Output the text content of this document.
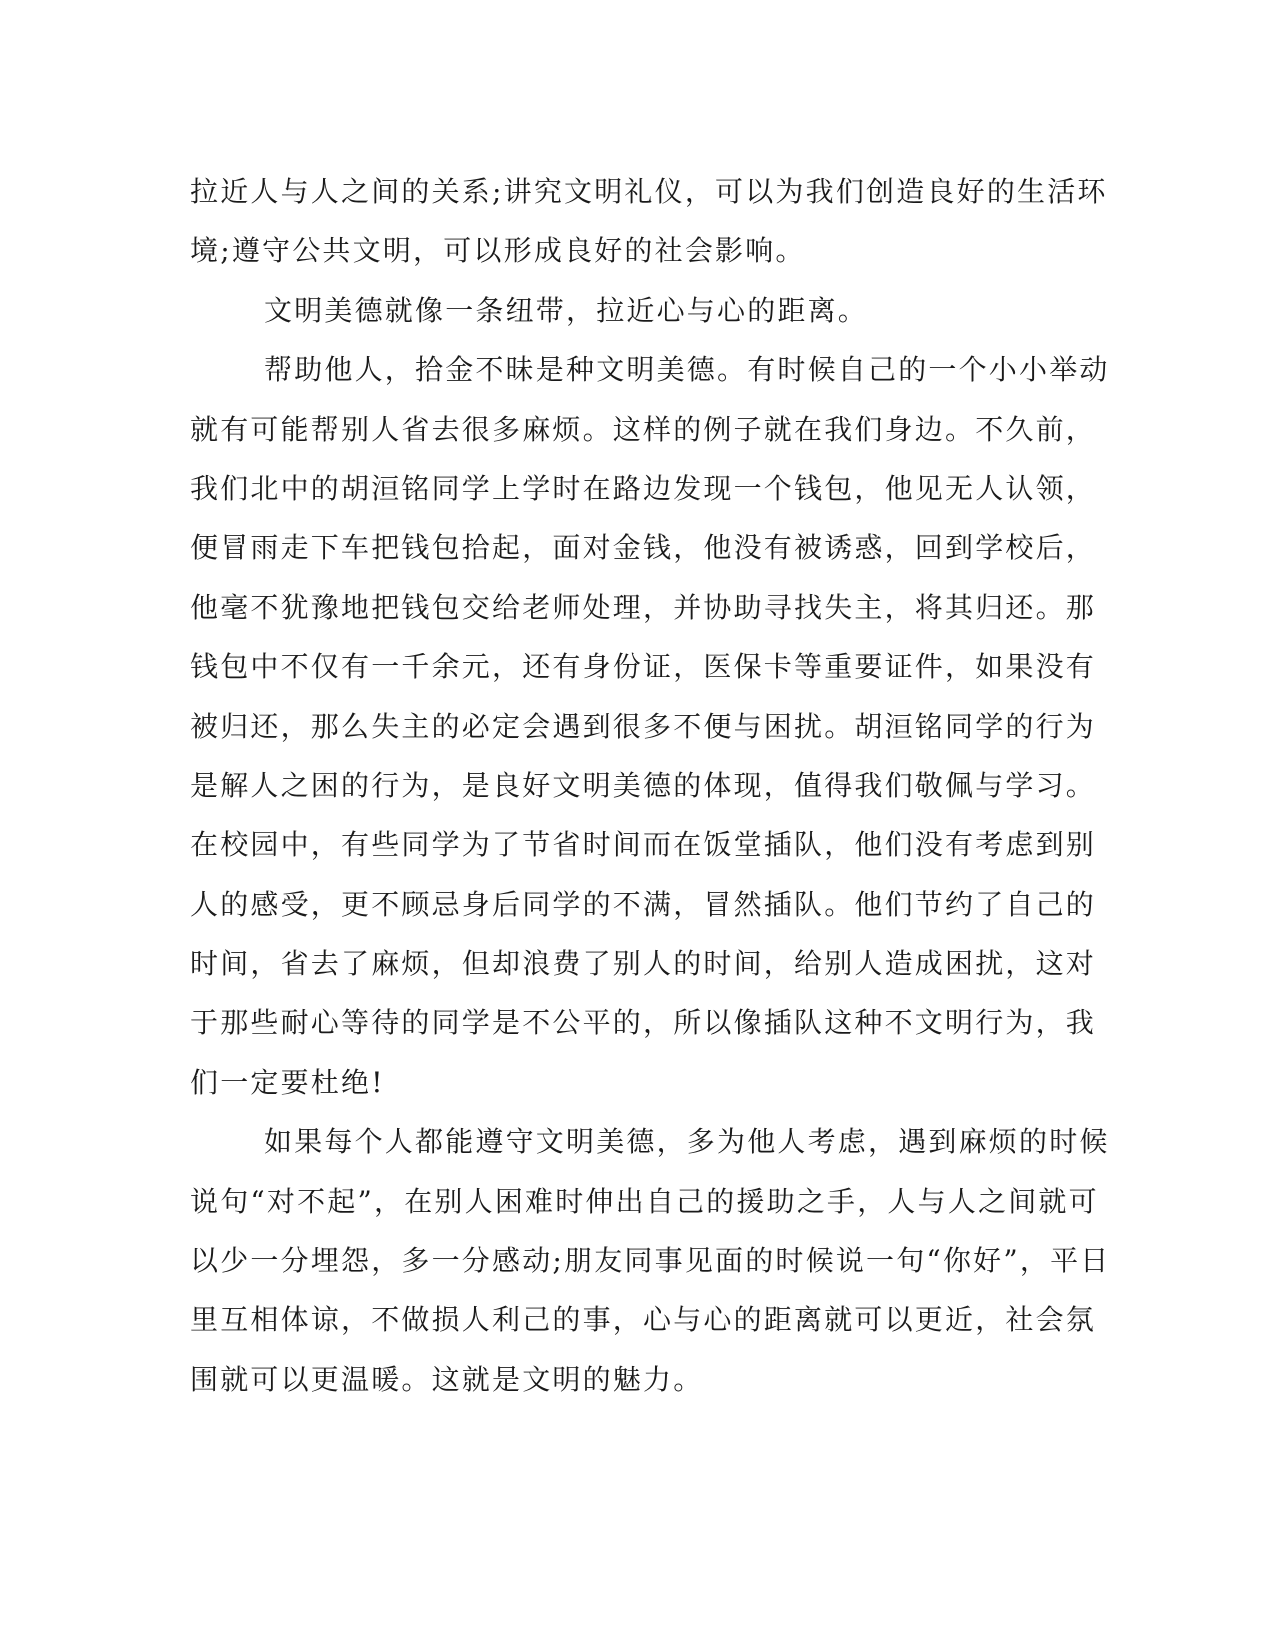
拉近人与人之间的关系;讲究文明礼仪，可以为我们创造良好的生活环
境;遵守公共文明，可以形成良好的社会影响。
文明美德就像一条纽带，拉近心与心的距离。
帮助他人，拾金不昧是种文明美德。有时候自己的一个小小举动
就有可能帮别人省去很多麻烦。这样的例子就在我们身边。不久前，
我们北中的胡洹铭同学上学时在路边发现一个钱包，他见无人认领，
便冒雨走下车把钱包拾起，面对金钱，他没有被诱惑，回到学校后，
他毫不犹豫地把钱包交给老师处理，并协助寻找失主，将其归还。那
钱包中不仅有一千余元，还有身份证，医保卡等重要证件，如果没有
被归还，那么失主的必定会遇到很多不便与困扰。胡洹铭同学的行为
是解人之困的行为，是良好文明美德的体现，值得我们敬佩与学习。
在校园中，有些同学为了节省时间而在饭堂插队，他们没有考虑到别
人的感受，更不顾忌身后同学的不满，冒然插队。他们节约了自己的
时间，省去了麻烦，但却浪费了别人的时间，给别人造成困扰，这对
于那些耐心等待的同学是不公平的，所以像插队这种不文明行为，我
们一定要杜绝!
如果每个人都能遵守文明美德，多为他人考虑，遇到麻烦的时候
说句“对不起”，在别人困难时伸出自己的援助之手，人与人之间就可
以少一分埋怨，多一分感动;朋友同事见面的时候说一句“你好”，平日
里互相体谅，不做损人利己的事，心与心的距离就可以更近，社会氛
围就可以更温暖。这就是文明的魅力。
